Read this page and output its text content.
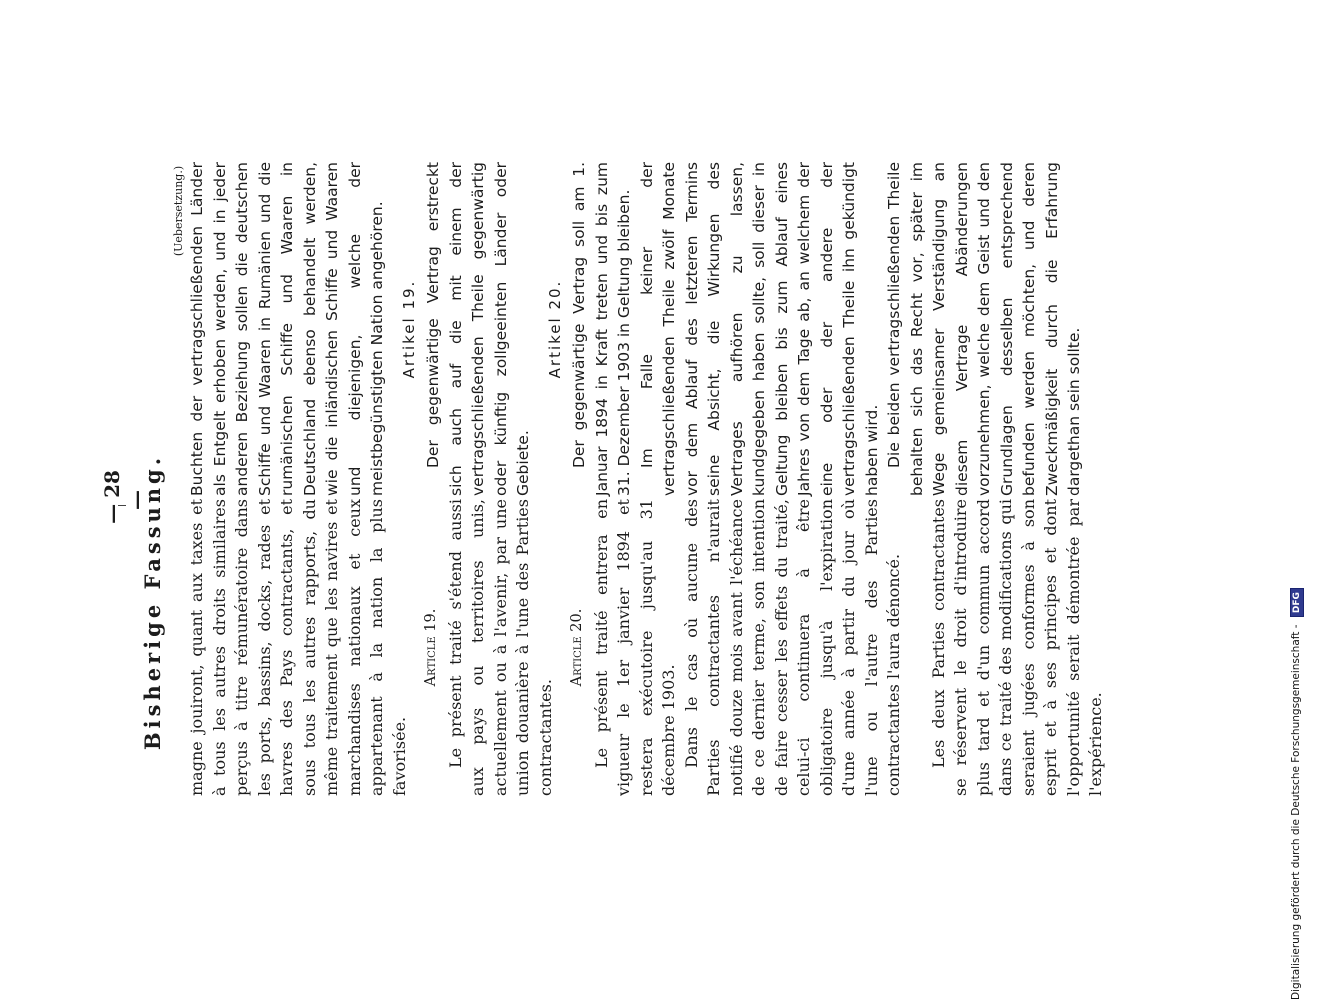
— 28 — Bisherige Fassung.
(Uebersetzung.)

magne jouiront, quant aux taxes et à tous les autres droits similaires perçus à titre rémunératoire dans les ports, bassins, docks, rades et havres des Pays contractants, et sous tous les autres rapports, du même traitement que les navires et marchandises nationaux et ceux appartenant à la nation la plus favorisée.

Article 19. Le présent traité s'étend aussi aux pays ou territoires unis, actuellement ou à l'avenir, par une union douanière à l'une des Parties contractantes.

Article 20. Le présent traité entrera en vigueur le 1er janvier 1894 et restera exécutoire jusqu'au 31 décembre 1903. Dans le cas où aucune des Parties contractantes n'aurait notifié douze mois avant l'échéance de ce dernier terme, son intention de faire cesser les effets du traité, celui-ci continuera à être obligatoire jusqu'à l'expiration d'une année à partir du jour où l'une ou l'autre des Parties contractantes l'aura dénoncé. Les deux Parties contractantes se réservent le droit d'introduire plus tard et d'un commun accord dans ce traité des modifications qui seraient jugées conformes à son esprit et à ses principes et dont l'opportunité serait démontrée par l'expérience.

Buchten der vertragschließenden Länder als Entgelt erhoben werden, und in jeder anderen Beziehung sollen die deutschen Schiffe und Waaren in Rumänien und die rumänischen Schiffe und Waaren in Deutschland ebenso behandelt werden, wie die inländischen Schiffe und Waaren und diejenigen, welche der meistbegünstigten Nation angehören. Artikel 19. Der gegenwärtige Vertrag erstreckt sich auch auf die mit einem der vertragschließenden Theile gegenwärtig oder künftig zollgeeinten Länder oder Gebiete.

Artikel 20. Der gegenwärtige Vertrag soll am 1. Januar 1894 in Kraft treten und bis zum 31. Dezember 1903 in Geltung bleiben. Im Falle keiner der vertragschließenden Theile zwölf Monate vor dem Ablauf des letzteren Termins seine Absicht, die Wirkungen des Vertrages aufhören zu lassen, kundgegeben haben sollte, soll dieser in Geltung bleiben bis zum Ablauf eines Jahres von dem Tage ab, an welchem der eine oder der andere der vertragschließenden Theile ihn gekündigt haben wird. Die beiden vertragschließenden Theile behalten sich das Recht vor, später im Wege gemeinsamer Verständigung an diesem Vertrage Abänderungen vorzunehmen, welche dem Geist und den Grundlagen desselben entsprechend befunden werden möchten, und deren Zweckmäßigkeit durch die Erfahrung dargethan sein sollte.

Digitalisierung gefördert durch die Deutsche Forschungsgemeinschaft - DFG
